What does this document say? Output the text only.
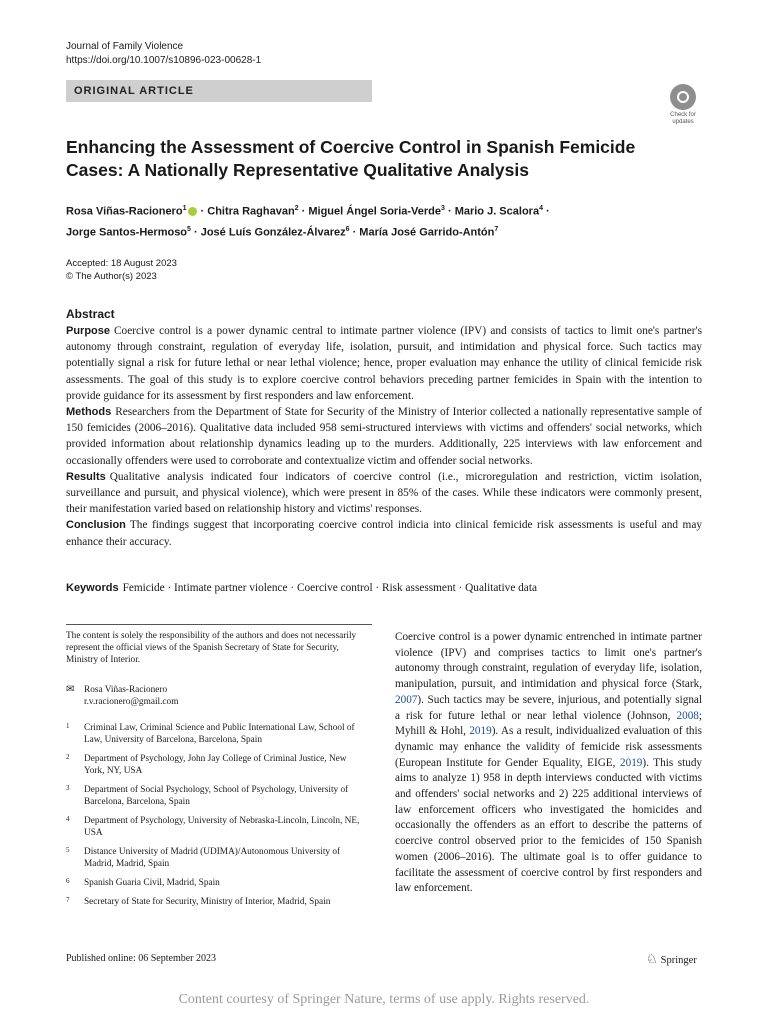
Journal of Family Violence
https://doi.org/10.1007/s10896-023-00628-1
ORIGINAL ARTICLE
Check for
updates
Enhancing the Assessment of Coercive Control in Spanish Femicide Cases: A Nationally Representative Qualitative Analysis
Rosa Viñas-Racionero$^1$ · Chitra Raghavan$^2$ · Miguel Ángel Soria-Verde$^3$ · Mario J. Scalora$^4$ ·
Jorge Santos-Hermoso$^5$ · José Luís González-Álvarez$^6$ · María José Garrido-Antón$^7$
Accepted: 18 August 2023
© The Author(s) 2023
Abstract

Purpose Coercive control is a power dynamic central to intimate partner violence (IPV) and consists of tactics to limit one's partner's autonomy through constraint, regulation of everyday life, isolation, pursuit, and intimidation and physical force. Such tactics may potentially signal a risk for future lethal or near lethal violence; hence, proper evaluation may enhance the utility of clinical femicide risk assessments. The goal of this study is to explore coercive control behaviors preceding partner femicides in Spain with the intention to provide guidance for its assessment by first responders and law enforcement.

Methods Researchers from the Department of State for Security of the Ministry of Interior collected a nationally representative sample of 150 femicides (2006–2016). Qualitative data included 958 semi-structured interviews with victims and offenders' social networks, which provided information about relationship dynamics leading up to the murders. Additionally, 225 interviews with law enforcement and occasionally offenders were used to corroborate and contextualize victim and offender social networks.

Results Qualitative analysis indicated four indicators of coercive control (i.e., microregulation and restriction, victim isolation, surveillance and pursuit, and physical violence), which were present in 85% of the cases. While these indicators were commonly present, their manifestation varied based on relationship history and victims' responses.

Conclusion The findings suggest that incorporating coercive control indicia into clinical femicide risk assessments is useful and may enhance their accuracy.

Keywords Femicide · Intimate partner violence · Coercive control · Risk assessment · Qualitative data
The content is solely the responsibility of the authors and does not necessarily represent the official views of the Spanish Secretary of State for Security, Ministry of Interior.
✉ Rosa Viñas-Racionero
r.v.racionero@gmail.com
1 Criminal Law, Criminal Science and Public International Law, School of Law, University of Barcelona, Barcelona, Spain
2 Department of Psychology, John Jay College of Criminal Justice, New York, NY, USA
3 Department of Social Psychology, School of Psychology, University of Barcelona, Barcelona, Spain
4 Department of Psychology, University of Nebraska-Lincoln, Lincoln, NE, USA
5 Distance University of Madrid (UDIMA)/Autonomous University of Madrid, Madrid, Spain
6 Spanish Guaria Civil, Madrid, Spain
7 Secretary of State for Security, Ministry of Interior, Madrid, Spain

Coercive control is a power dynamic entrenched in intimate partner violence (IPV) and comprises tactics to limit one's partner's autonomy through constraint, regulation of everyday life, isolation, manipulation, pursuit, and intimidation and physical force (Stark, 2007). Such tactics may be severe, injurious, and potentially signal a risk for future lethal or near lethal violence (Johnson, 2008; Myhill & Hohl, 2019). As a result, individualized evaluation of this dynamic may enhance the validity of femicide risk assessments (European Institute for Gender Equality, EIGE, 2019). This study aims to analyze 1) 958 in depth interviews conducted with victims and offenders' social networks and 2) 225 additional interviews of law enforcement officers who investigated the homicides and occasionally the offenders as an effort to describe the patterns of coercive control observed prior to the femicides of 150 Spanish women (2006–2016). The ultimate goal is to offer guidance to facilitate the assessment of coercive control by first responders and law enforcement.

Published online: 06 September 2023	♘ Springer
Content courtesy of Springer Nature, terms of use apply. Rights reserved.
